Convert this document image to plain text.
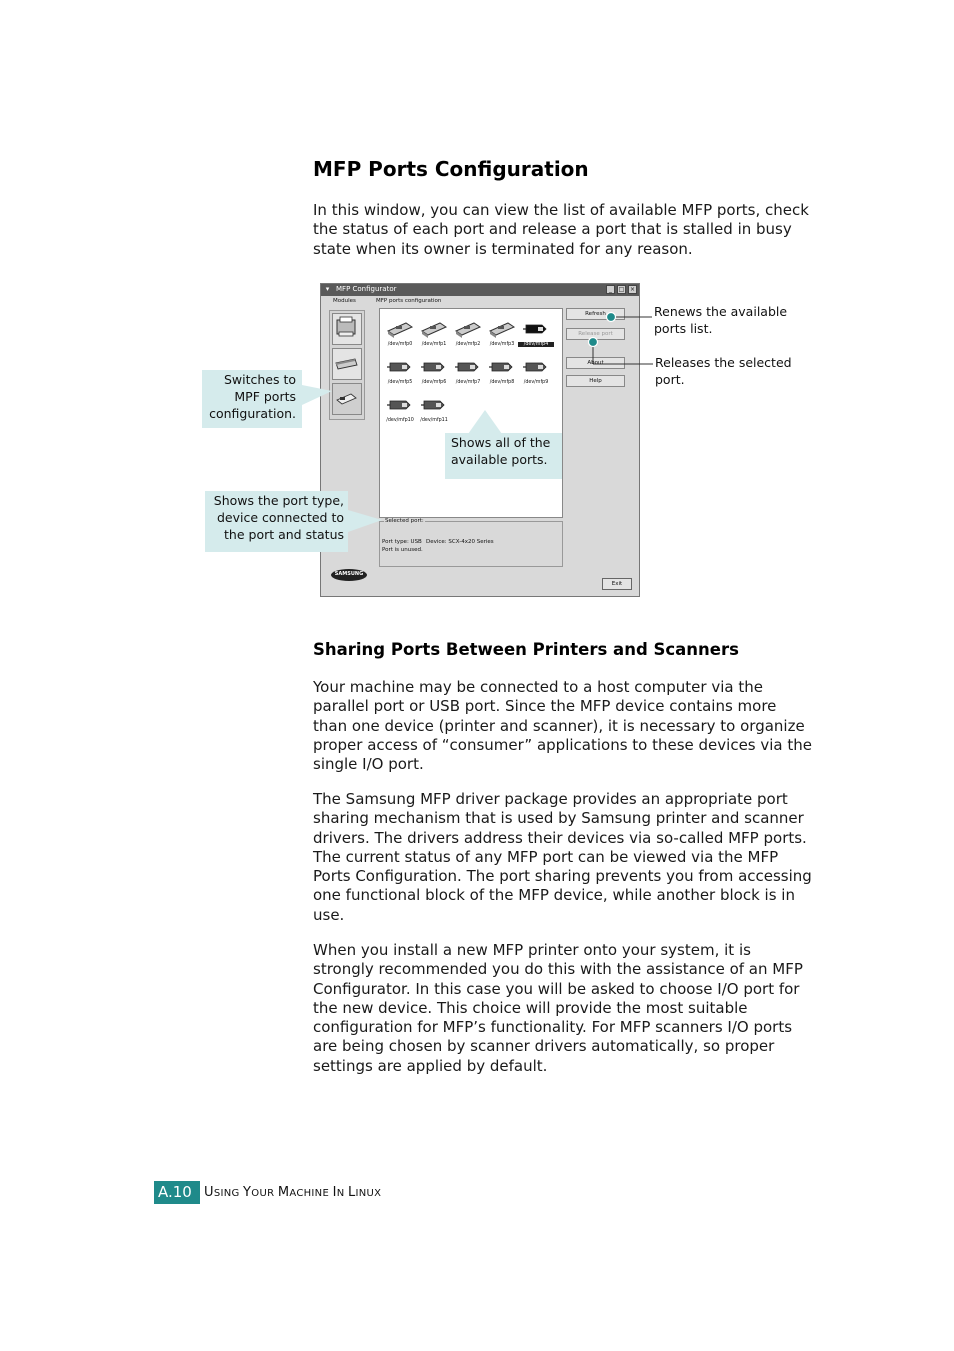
MFP Ports Configuration
In this window, you can view the list of available MFP ports, check the status of each port and release a port that is stalled in busy state when its owner is terminated for any reason.
▾ MFP Configurator	_	□ ×
Modules	MFP ports configuration
/dev/mfp0	/dev/mfp1	/dev/mfp2	/dev/mfp3	/dev/mfp4
/dev/mfp5	/dev/mfp6	/dev/mfp7	/dev/mfp8	/dev/mfp9
/dev/mfp10	/dev/mfp11
Refresh
Release port
About
Help
Selected port:
Port type: USB Device: SCX-4x20 Series
Port is unused.
SAMSUNG
Exit
Switches to MPF ports configuration.
Shows all of the available ports.
Shows the port type, device connected to the port and status
Renews the available ports list.
Releases the selected port.
Sharing Ports Between Printers and Scanners
Your machine may be connected to a host computer via the parallel port or USB port. Since the MFP device contains more than one device (printer and scanner), it is necessary to organize proper access of “consumer” applications to these devices via the single I/O port.
The Samsung MFP driver package provides an appropriate port sharing mechanism that is used by Samsung printer and scanner drivers. The drivers address their devices via so-called MFP ports. The current status of any MFP port can be viewed via the MFP Ports Configuration. The port sharing prevents you from accessing one functional block of the MFP device, while another block is in use.
When you install a new MFP printer onto your system, it is strongly recommended you do this with the assistance of an MFP Configurator. In this case you will be asked to choose I/O port for the new device. This choice will provide the most suitable configuration for MFP’s functionality. For MFP scanners I/O ports are being chosen by scanner drivers automatically, so proper settings are applied by default.
A.10 USING YOUR MACHINE IN LINUX
